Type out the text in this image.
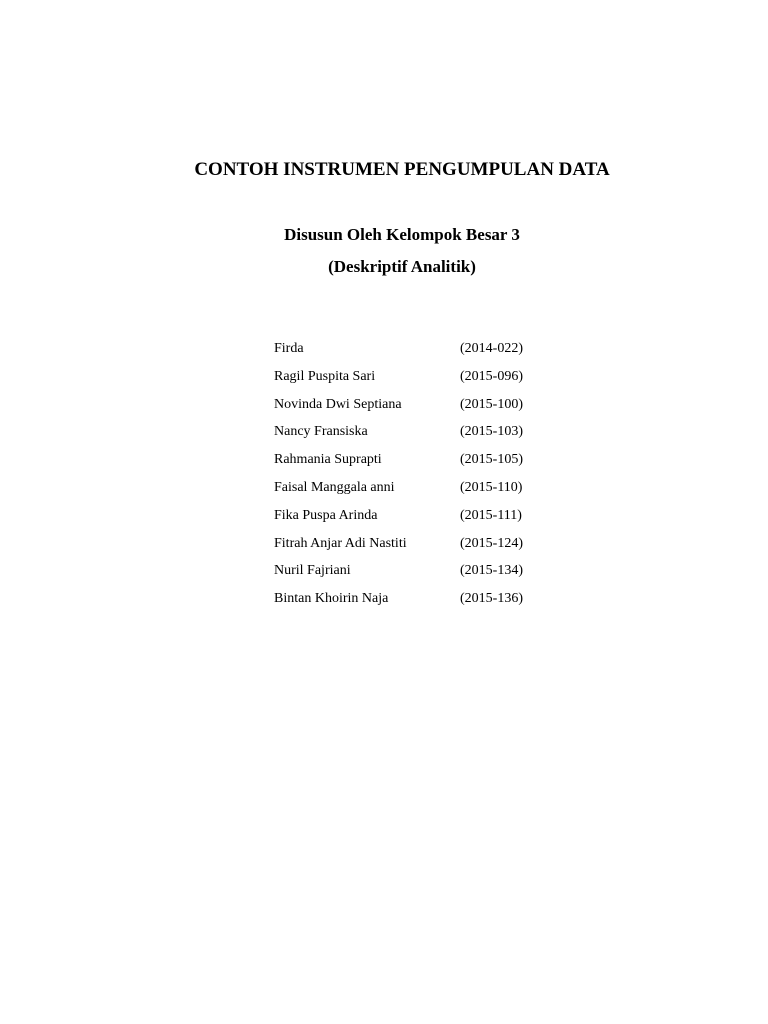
CONTOH INSTRUMEN PENGUMPULAN DATA
Disusun Oleh Kelompok Besar 3
(Deskriptif Analitik)
Firda	(2014-022)
Ragil Puspita Sari	(2015-096)
Novinda Dwi Septiana	(2015-100)
Nancy Fransiska	(2015-103)
Rahmania Suprapti	(2015-105)
Faisal Manggala anni	(2015-110)
Fika Puspa Arinda	(2015-111)
Fitrah Anjar Adi Nastiti	(2015-124)
Nuril Fajriani	(2015-134)
Bintan Khoirin Naja	(2015-136)
